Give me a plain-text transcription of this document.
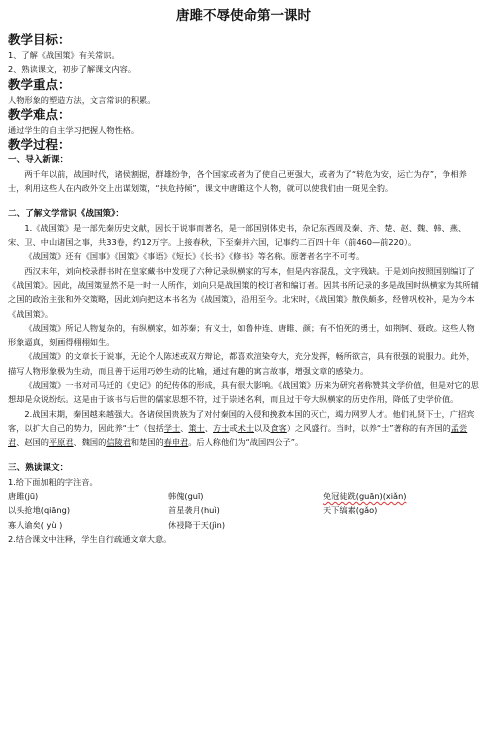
唐雎不辱使命第一课时
教学目标：
1、了解《战国策》有关常识。
2、熟读课文，初步了解课文内容。
教学重点：
人物形象的塑造方法，文言常识的积累。
教学难点：
通过学生的自主学习把握人物性格。
教学过程：
一、导入新课：
两千年以前，战国时代，诸侯割据，群雄纷争，各个国家或者为了使自己更强大，或者为了“转危为安，运亡为存”，争相养士，利用这些人在内政外交上出谋划策，“扶危持倾”，课文中唐雎这个人物，就可以使我们由一斑见全豹。
二、了解文学常识《战国策》：
1.《战国策》是一部先秦历史文献，因长于说事而著名，是一部国别体史书，杂记东西周及秦、齐、楚、赵、魏、韩、燕、宋、卫、中山诸国之事，共33卷，约12万字。上接春秋，下至秦并六国，记事约二百四十年（前460—前220）。
《战国策》还有《国事》《国策》《事语》《短长》《长书》《修书》等名称。原著者名字不可考。
西汉末年，刘向校录群书时在皇家藏书中发现了六种记录纵横家的写本，但是内容混乱，文字残缺。于是刘向按照国别编订了《战国策》。因此，战国策显然不是一时一人所作，刘向只是战国策的校订者和编订者。因其书所记录的多是战国时纵横家为其所辅之国的政治主张和外交策略，因此刘向把这本书名为《战国策》，沿用至今。北宋时，《战国策》散佚颇多，经曾巩校补，是为今本《战国策》。
《战国策》所记人物复杂的，有纵横家，如苏秦；有义士，如鲁仲连、唐睢、颜；有不怕死的勇士，如荆轲、聂政。这些人物形象逼真，刻画得栩栩如生。
《战国策》的文章长于说事，无论个人陈述或双方辩论，都喜欢渲染夸大，充分发挥，畅所欲言，具有很强的说服力。此外，描写人物形象极为生动，而且善于运用巧妙生动的比喻，通过有趣的寓言故事，增强文章的感染力。
《战国策》一书对司马迁的《史记》的纪传体的形成，具有很大影响。《战国策》历来为研究者称赞其文学价值，但是对它的思想却是众说纷纭。这是由于该书与后世的儒家思想不符，过于崇述名利，而且过于夸大纵横家的历史作用，降低了史学价值。
2.战国末期，秦国越来越强大。各诸侯国贵族为了对付秦国的入侵和挽救本国的灭亡，竭力网罗人才。他们礼贤下士，广招宾客，以扩大自己的势力，因此养“士”（包括学士、策士、方士或术士以及食客）之风盛行。当时，以养“士”著称的有齐国的孟尝君、赵国的平原君、魏国的信陵君和楚国的春申君。后人称他们为“战国四公子”。
三、熟读课文：
1.给下面加粗的字注音。
唐雎(jū)	韩傀(guī)	免冠徒跣(guān)(xiǎn)
以头抢地(qiāng)	首星袭月(huì)	天下缟素(gǎo)
寡人谕矣( yù )	休祲降于天(jìn)
2.结合课文中注释，学生自行疏通文章大意。
